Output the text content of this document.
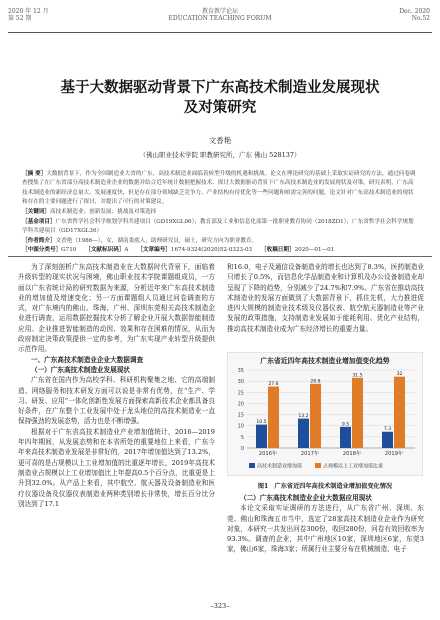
2020 年 12 月
第 52 期
教育教学论坛
EDUCATION TEACHING FORUM
Dec. 2020
No.52
基于大数据驱动背景下广东高技术制造业发展现状
及对策研究
文香艳
（佛山职业技术学院 职教研究所，广东 佛山 528137）
［摘 要］大数据背景下，作为全国制造业大省的广东，高技术制造业面临着转型升级的机遇和挑战。论文在理论研究的基础上采取实证研究的方法，通过问卷调查搜集了在广东省部分高技术制造业企业的数据并结合近年统计数据把握技术、探讨大数据驱动背景下广东高技术制造业的发展现状及对策。研究表明，广东高技术制造业的新经济总量大、发展速度快，但是存在部分领域缺乏竞争力、产业结构有待优化等一些问题和亟需完善的问题，论文针对广东高技术制造业的现状和存在的主要问题进行了探讨，并提出了可行的对策建议。
［关键词］高技术制造业；创新发展；挑战及对策选择
［基金项目］广东省哲学社会科学规划学科共建项目（GD19XGL06）；教育部及工业和信息化部第一批职业教育协同（2018ZD1）；广东省哲学社会科学规划学科共建项目（GD17XGL36）
［作者简介］文香艳（1986—），女，湖南娄底人，助理研究员，硕士，研究方向为职业教育。
［中图分类号］G710 ［文献标识码］A ［文章编号］1674-9324(2020)52-0323-03 ［收稿日期］2020—01—01

为了深刻剖析广东高技术制造业在大数据时代背景下，面临着升级转型的现实状况与困境，佛山职业技术学院课题组成员，一方面以广东省统计局的研究数据为来源，分析近年来广东高技术制造业的增加值及增速变化；另一方面课题组人员通过问卷调查的方式，对广东境内的佛山、珠海、广州、深圳东莞相关高技术制造企业进行调查，运用数据挖掘技术分析了解企业开展大数据智能制造应用、企业推进智能制造的动因、效果和存在困难的情况，从而为政府制定决策政策提供一定的参考，为广东实现产业转型升级提供示范作用。

一、广东高技术制造业企业大数据调查

（一）广东高技术制造业发展现状

广东省在国内作为高校学科、科研机构聚集之地、它的高端制造、网络服务和技术研发方面可以说是非常有优势，在“生产、学习、研发、应用”一体化创新性发展方面探索高新技术企业都具备良好条件，在广东整个工业发展中处于龙头地位的高技术制造业一直保持强劲的发展态势，活力也是不断增强。

根据对于广东省高技术制造业产业增加值统计，2016—2019年四年期间，从发展态势和在本省所处的重要地位上来看，广东今年来高技术制造业发展是非常好的，2017年增加值达到了13.2%，更可喜的是占规模以上工业增加值的比重逐年增长，2019年高技术制造业占规模以上工业增加值比上年提高0.5个百分点，比重更是上升到32.0%。从产品上来看，其中航空、航天器及设备制造业和医疗仪器设备及仪器仪表制造业两种类别增长非常快，增长百分比分别达到了17.1

和16.0，电子及通信设备制造业的增长也达到了8.3%，医药制造业只增长了0.5%，而信息化学品制造业和计算机及办公设备制造业却呈现了下降的趋势，分别减少了24.7%和7.9%。广东省在推动高技术制造业的发展方面做到了大数据背景下，抓住先机，大力推进促进四大规模的制造业技术级及仪器仪表、航空航天器制造业等产业发展的政策措施，支持制造业发展如于能耗利用、优化产业结构，推动高技术制造业成为广东经济增长的重要力量。

广东省近四年高技术制造业增加值变化趋势
0
5
10
15
20
25
30
35
10.5
27.6
2016年
13.2
28.8
2017年
9.5
31.5
2018年
7.3
32
2019年
高技术制造业增加值	占规模以上工业增加值比重
图1　广东省近四年高技术制造业增加值变化情况

（二）广东高技术制造业企业大数据应用现状

本论文采取实证调研的方法进行，从广东省广州、深圳、东莞、佛山和珠海五市当中，选定了28家高技术制造业企业作为研究对象，本研究一共发出问卷300份，收回280份，问卷有效回收率为93.3%。调查的企业，其中广州地区10家，深圳地区6家，东莞3家，佛山6家，珠海3家；所属行业主要分布在机械制造、电子

–323–
